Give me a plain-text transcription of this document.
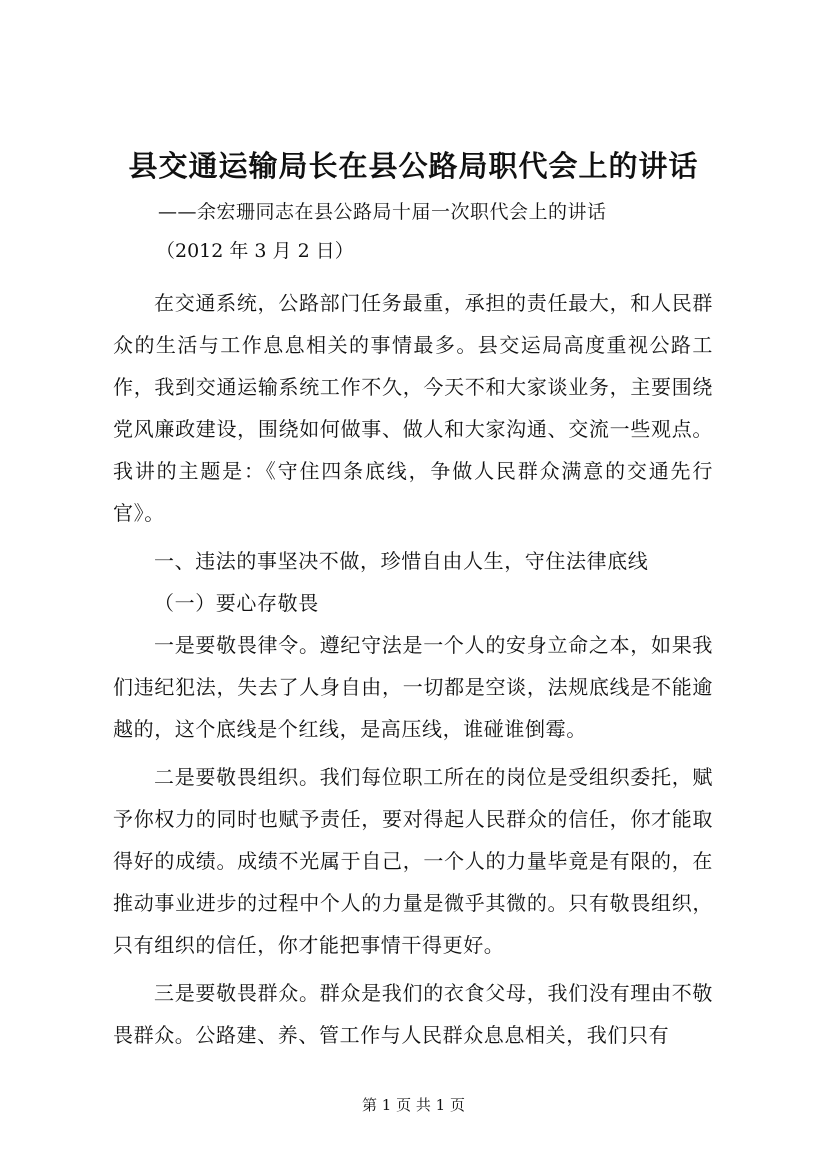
县交通运输局长在县公路局职代会上的讲话

——余宏珊同志在县公路局十届一次职代会上的讲话

（2012 年 3 月 2 日）

在交通系统，公路部门任务最重，承担的责任最大，和人民群众的生活与工作息息相关的事情最多。县交运局高度重视公路工作，我到交通运输系统工作不久，今天不和大家谈业务，主要围绕党风廉政建设，围绕如何做事、做人和大家沟通、交流一些观点。我讲的主题是：《守住四条底线，争做人民群众满意的交通先行官》。

一、违法的事坚决不做，珍惜自由人生，守住法律底线

（一）要心存敬畏

一是要敬畏律令。遵纪守法是一个人的安身立命之本，如果我们违纪犯法，失去了人身自由，一切都是空谈，法规底线是不能逾越的，这个底线是个红线，是高压线，谁碰谁倒霉。

二是要敬畏组织。我们每位职工所在的岗位是受组织委托，赋予你权力的同时也赋予责任，要对得起人民群众的信任，你才能取得好的成绩。成绩不光属于自己，一个人的力量毕竟是有限的，在推动事业进步的过程中个人的力量是微乎其微的。只有敬畏组织，只有组织的信任，你才能把事情干得更好。

三是要敬畏群众。群众是我们的衣食父母，我们没有理由不敬畏群众。公路建、养、管工作与人民群众息息相关，我们只有

第 1 页 共 1 页
